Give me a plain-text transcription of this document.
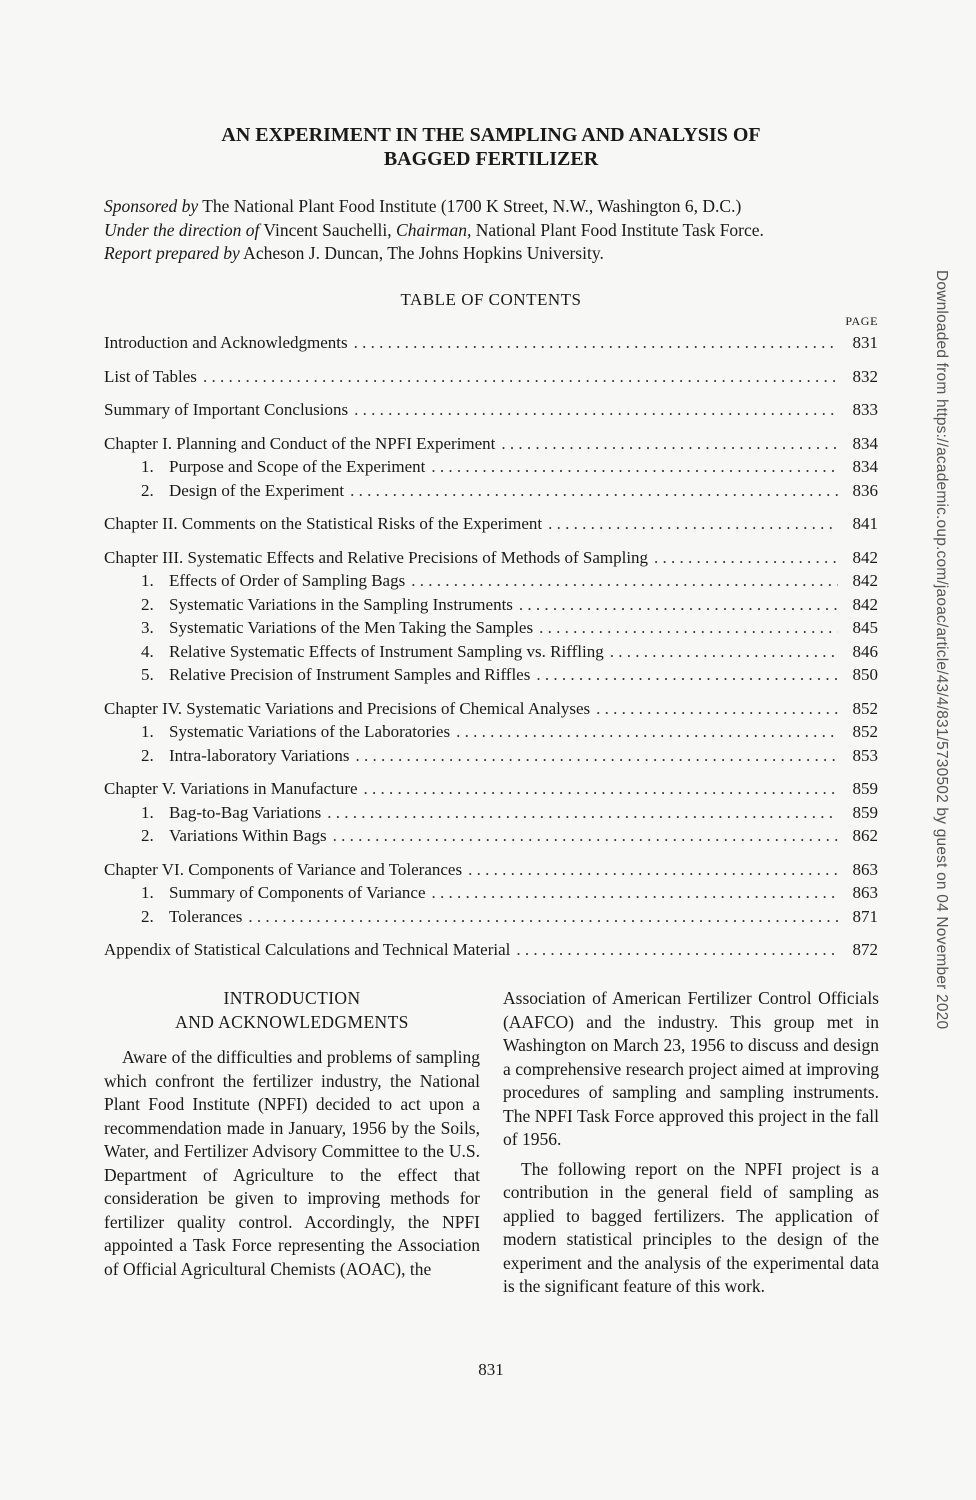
AN EXPERIMENT IN THE SAMPLING AND ANALYSIS OF
BAGGED FERTILIZER
Sponsored by The National Plant Food Institute (1700 K Street, N.W., Washington 6, D.C.)
Under the direction of Vincent Sauchelli, Chairman, National Plant Food Institute Task Force.
Report prepared by Acheson J. Duncan, The Johns Hopkins University.
TABLE OF CONTENTS
PAGE
Introduction and Acknowledgments . . .	831
List of Tables . . .	832
Summary of Important Conclusions . . .	833
Chapter I. Planning and Conduct of the NPFI Experiment . . .	834
1. Purpose and Scope of the Experiment . . .	834
2. Design of the Experiment . . .	836
Chapter II. Comments on the Statistical Risks of the Experiment . . .	841
Chapter III. Systematic Effects and Relative Precisions of Methods of Sampling . . .	842
1. Effects of Order of Sampling Bags . . .	842
2. Systematic Variations in the Sampling Instruments . . .	842
3. Systematic Variations of the Men Taking the Samples . . .	845
4. Relative Systematic Effects of Instrument Sampling vs. Riffling . . .	846
5. Relative Precision of Instrument Samples and Riffles . . .	850
Chapter IV. Systematic Variations and Precisions of Chemical Analyses . . .	852
1. Systematic Variations of the Laboratories . . .	852
2. Intra-laboratory Variations . . .	853
Chapter V. Variations in Manufacture . . .	859
1. Bag-to-Bag Variations . . .	859
2. Variations Within Bags . . .	862
Chapter VI. Components of Variance and Tolerances . . .	863
1. Summary of Components of Variance . . .	863
2. Tolerances . . .	871
Appendix of Statistical Calculations and Technical Material . . .	872
INTRODUCTION
AND ACKNOWLEDGMENTS

Aware of the difficulties and problems of sampling which confront the fertilizer industry, the National Plant Food Institute (NPFI) decided to act upon a recommendation made in January, 1956 by the Soils, Water, and Fertilizer Advisory Committee to the U.S. Department of Agriculture to the effect that consideration be given to improving methods for fertilizer quality control. Accordingly, the NPFI appointed a Task Force representing the Association of Official Agricultural Chemists (AOAC), the

Association of American Fertilizer Control Officials (AAFCO) and the industry. This group met in Washington on March 23, 1956 to discuss and design a comprehensive research project aimed at improving procedures of sampling and sampling instruments. The NPFI Task Force approved this project in the fall of 1956.

The following report on the NPFI project is a contribution in the general field of sampling as applied to bagged fertilizers. The application of modern statistical principles to the design of the experiment and the analysis of the experimental data is the significant feature of this work.

831
Downloaded from https://academic.oup.com/jaoac/article/43/4/831/5730502 by guest on 04 November 2020
